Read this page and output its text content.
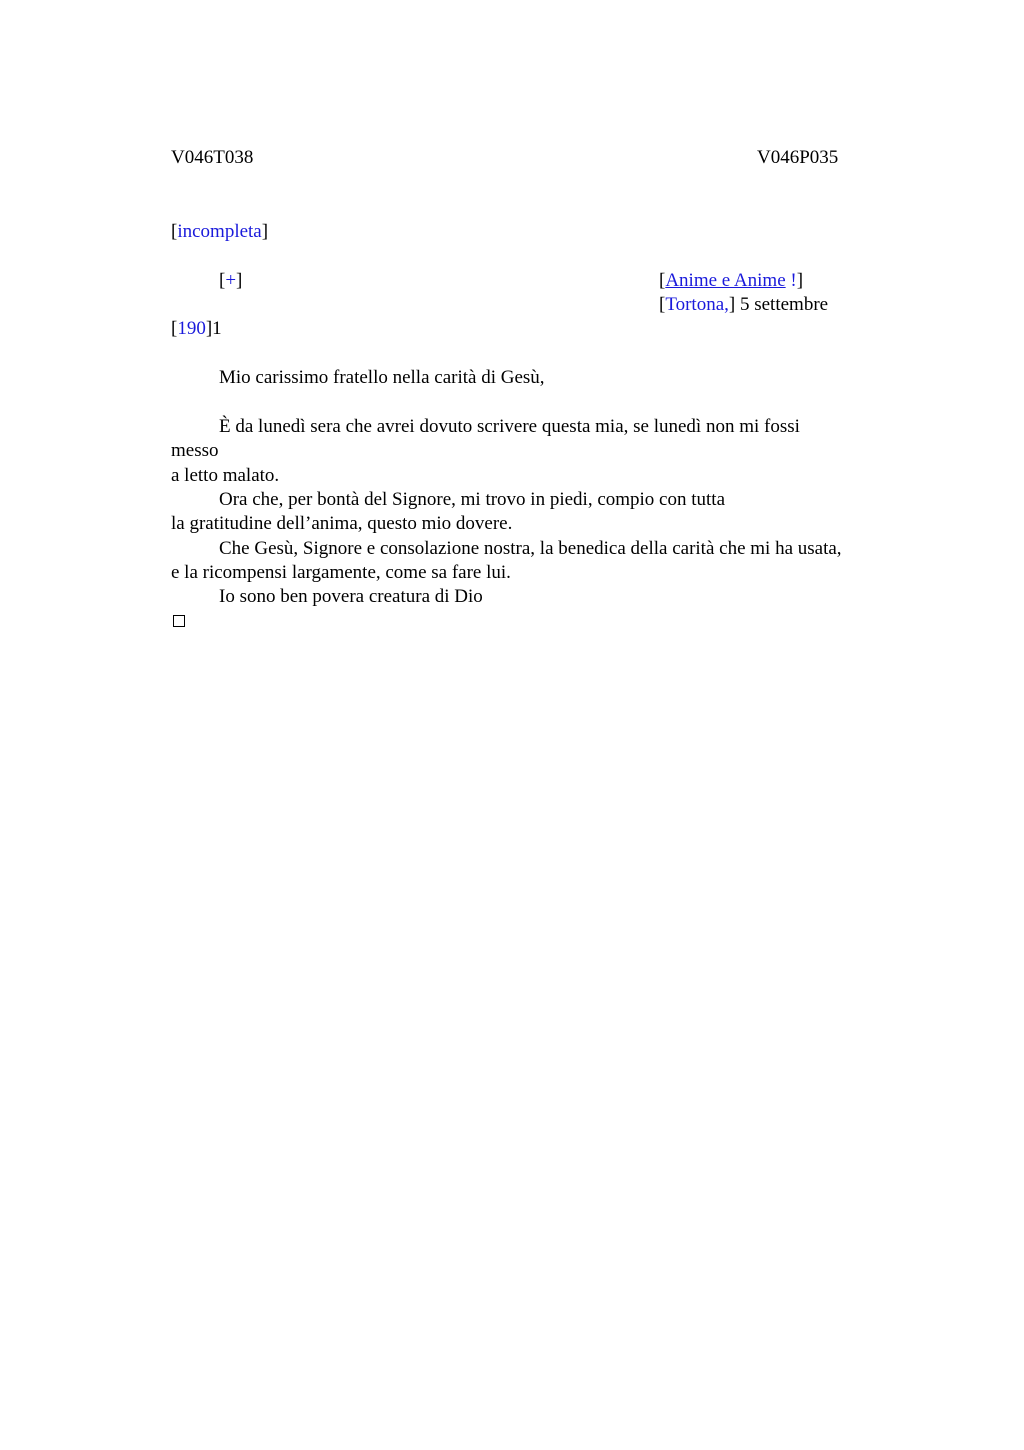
V046T038	V046P035
[incompleta]
[+]	[Anime e Anime !]
[Tortona,] 5 settembre
[190]1
Mio carissimo fratello nella carità di Gesù,
È da lunedì sera che avrei dovuto scrivere questa mia, se lunedì non mi fossi
messo
a letto malato.
Ora che, per bontà del Signore, mi trovo in piedi, compio con tutta
la gratitudine dell’anima, questo mio dovere.
Che Gesù, Signore e consolazione nostra, la benedica della carità che mi ha usata,
e la ricompensi largamente, come sa fare lui.
Io sono ben povera creatura di Dio
